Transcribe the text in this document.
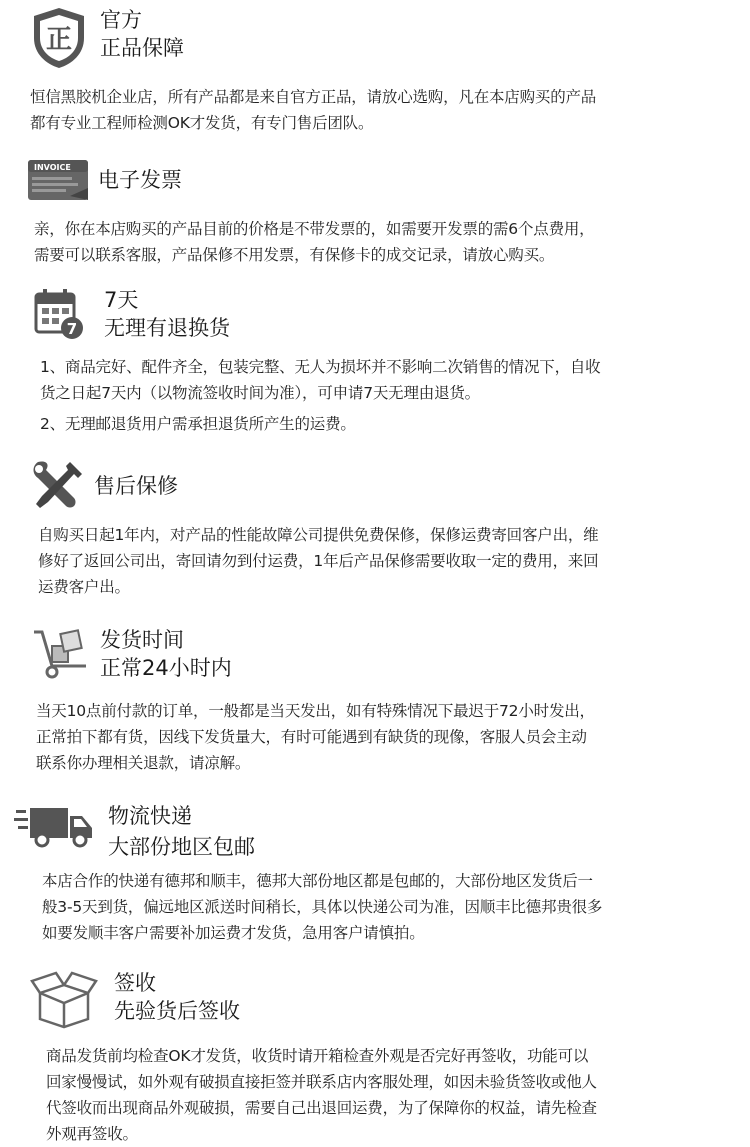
正
官方
正品保障
恒信黑胶机企业店，所有产品都是来自官方正品，请放心选购，凡在本店购买的产品
都有专业工程师检测OK才发货，有专门售后团队。
INVOICE
电子发票
亲，你在本店购买的产品目前的价格是不带发票的，如需要开发票的需6个点费用，
需要可以联系客服，产品保修不用发票，有保修卡的成交记录，请放心购买。
7
7天
无理有退换货
1、商品完好、配件齐全，包装完整、无人为损坏并不影响二次销售的情况下，自收
货之日起7天内（以物流签收时间为准），可申请7天无理由退货。
2、无理邮退货用户需承担退货所产生的运费。
售后保修
自购买日起1年内，对产品的性能故障公司提供免费保修，保修运费寄回客户出，维
修好了返回公司出，寄回请勿到付运费，1年后产品保修需要收取一定的费用，来回
运费客户出。
发货时间
正常24小时内
当天10点前付款的订单，一般都是当天发出，如有特殊情况下最迟于72小时发出，
正常拍下都有货，因线下发货量大，有时可能遇到有缺货的现像，客服人员会主动
联系你办理相关退款，请凉解。
物流快递
大部份地区包邮
本店合作的快递有德邦和顺丰，德邦大部份地区都是包邮的，大部份地区发货后一
般3-5天到货，偏远地区派送时间稍长，具体以快递公司为准，因顺丰比德邦贵很多
如要发顺丰客户需要补加运费才发货，急用客户请慎拍。
签收
先验货后签收
商品发货前均检查OK才发货，收货时请开箱检查外观是否完好再签收，功能可以
回家慢慢试，如外观有破损直接拒签并联系店内客服处理，如因未验货签收或他人
代签收而出现商品外观破损，需要自己出退回运费，为了保障你的权益，请先检查
外观再签收。
